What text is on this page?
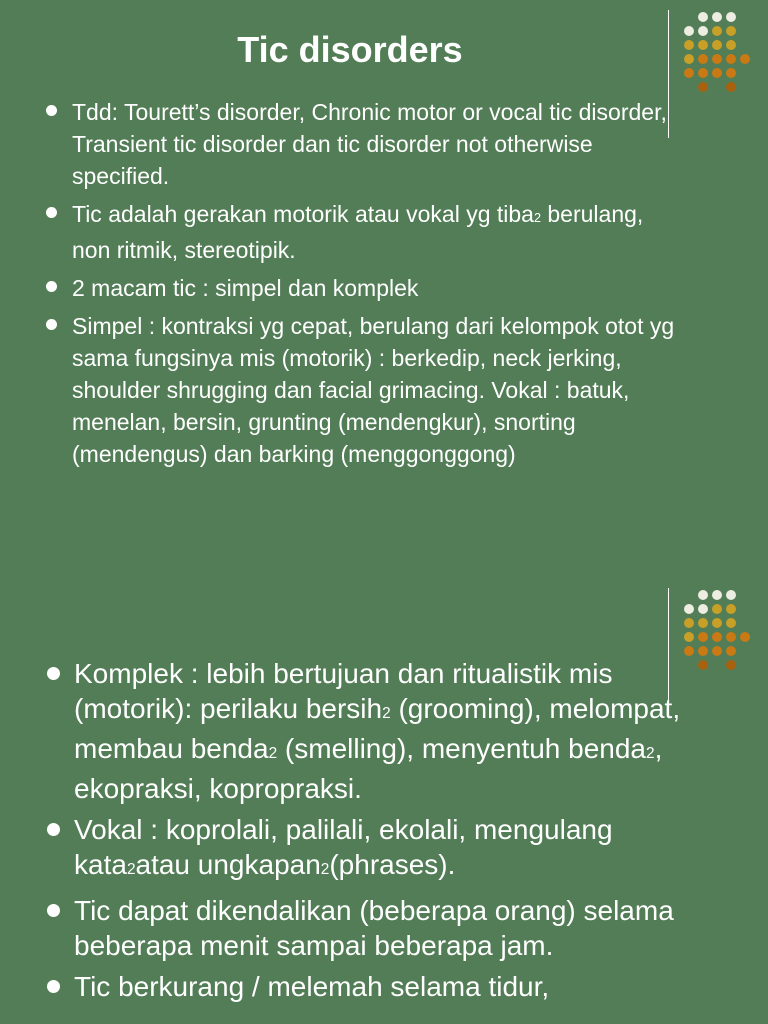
Tic disorders
Tdd: Tourett’s disorder, Chronic motor or vocal tic disorder, Transient tic disorder dan tic disorder not otherwise specified.
Tic adalah gerakan motorik atau vokal yg tiba2 berulang, non ritmik, stereotipik.
2 macam tic : simpel dan komplek
Simpel : kontraksi yg cepat, berulang dari kelompok otot yg sama fungsinya mis (motorik) : berkedip, neck jerking, shoulder shrugging dan facial grimacing. Vokal : batuk, menelan, bersin, grunting (mendengkur), snorting (mendengus) dan barking (menggonggong)
Komplek : lebih bertujuan dan ritualistik mis (motorik): perilaku bersih2 (grooming), melompat, membau benda2 (smelling), menyentuh benda2, ekopraksi, kopropraksi.
Vokal : koprolali, palilali, ekolali, mengulang kata2atau ungkapan2(phrases).
Tic dapat dikendalikan (beberapa orang) selama beberapa menit sampai beberapa jam.
Tic berkurang / melemah selama tidur,
